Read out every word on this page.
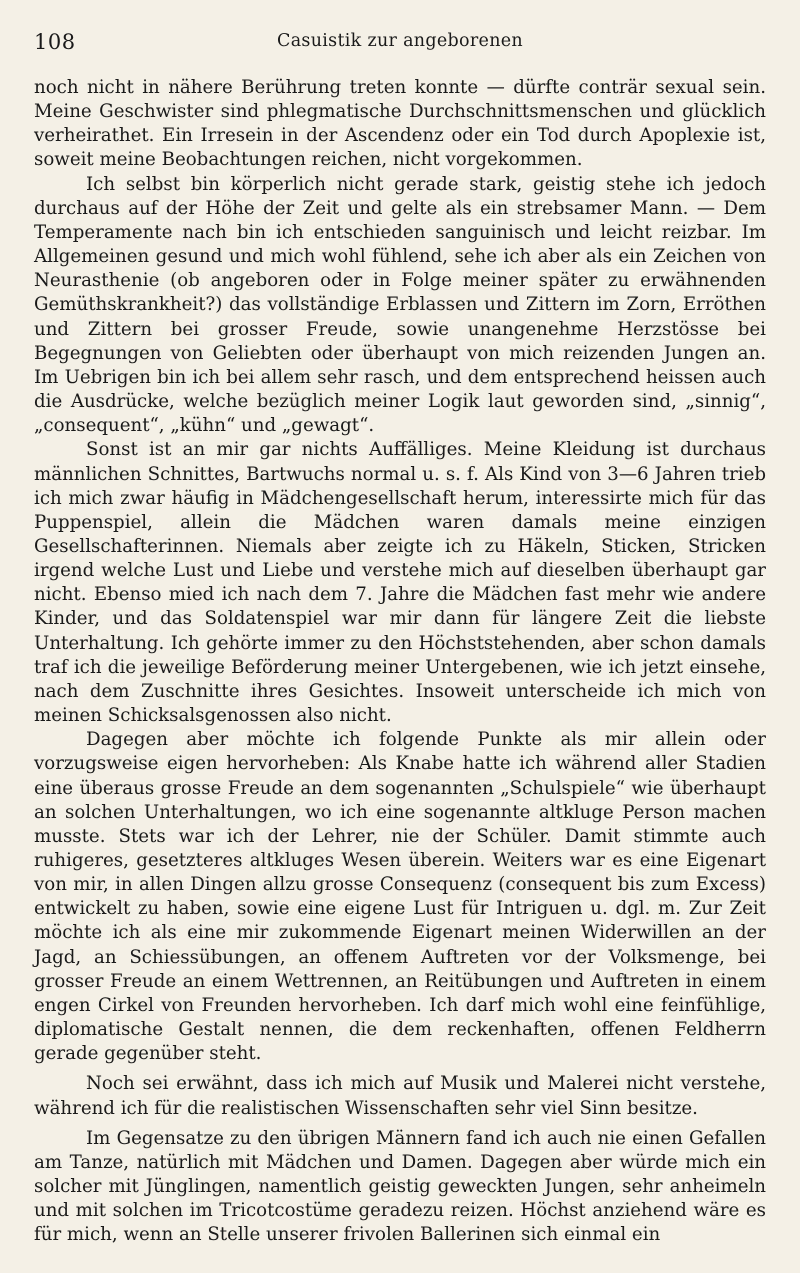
108	Casuistik zur angeborenen

noch nicht in nähere Berührung treten konnte — dürfte conträr sexual sein. Meine Geschwister sind phlegmatische Durchschnittsmenschen und glücklich verheirathet. Ein Irresein in der Ascendenz oder ein Tod durch Apoplexie ist, soweit meine Beobachtungen reichen, nicht vorgekommen.

Ich selbst bin körperlich nicht gerade stark, geistig stehe ich jedoch durchaus auf der Höhe der Zeit und gelte als ein strebsamer Mann. — Dem Temperamente nach bin ich entschieden sanguinisch und leicht reizbar. Im Allgemeinen gesund und mich wohl fühlend, sehe ich aber als ein Zeichen von Neurasthenie (ob angeboren oder in Folge meiner später zu erwähnenden Gemüthskrankheit?) das vollständige Erblassen und Zittern im Zorn, Erröthen und Zittern bei grosser Freude, sowie unangenehme Herzstösse bei Begegnungen von Geliebten oder überhaupt von mich reizenden Jungen an. Im Uebrigen bin ich bei allem sehr rasch, und dem entsprechend heissen auch die Ausdrücke, welche bezüglich meiner Logik laut geworden sind, „sinnig“, „consequent“, „kühn“ und „gewagt“.

Sonst ist an mir gar nichts Auffälliges. Meine Kleidung ist durchaus männlichen Schnittes, Bartwuchs normal u. s. f. Als Kind von 3—6 Jahren trieb ich mich zwar häufig in Mädchengesellschaft herum, interessirte mich für das Puppenspiel, allein die Mädchen waren damals meine einzigen Gesellschafterinnen. Niemals aber zeigte ich zu Häkeln, Sticken, Stricken irgend welche Lust und Liebe und verstehe mich auf dieselben überhaupt gar nicht. Ebenso mied ich nach dem 7. Jahre die Mädchen fast mehr wie andere Kinder, und das Soldatenspiel war mir dann für längere Zeit die liebste Unterhaltung. Ich gehörte immer zu den Höchststehenden, aber schon damals traf ich die jeweilige Beförderung meiner Untergebenen, wie ich jetzt einsehe, nach dem Zuschnitte ihres Gesichtes. Insoweit unterscheide ich mich von meinen Schicksalsgenossen also nicht.

Dagegen aber möchte ich folgende Punkte als mir allein oder vorzugsweise eigen hervorheben: Als Knabe hatte ich während aller Stadien eine überaus grosse Freude an dem sogenannten „Schulspiele“ wie überhaupt an solchen Unterhaltungen, wo ich eine sogenannte altkluge Person machen musste. Stets war ich der Lehrer, nie der Schüler. Damit stimmte auch ruhigeres, gesetzteres altkluges Wesen überein. Weiters war es eine Eigenart von mir, in allen Dingen allzu grosse Consequenz (consequent bis zum Excess) entwickelt zu haben, sowie eine eigene Lust für Intriguen u. dgl. m. Zur Zeit möchte ich als eine mir zukommende Eigenart meinen Widerwillen an der Jagd, an Schiessübungen, an offenem Auftreten vor der Volksmenge, bei grosser Freude an einem Wettrennen, an Reitübungen und Auftreten in einem engen Cirkel von Freunden hervorheben. Ich darf mich wohl eine feinfühlige, diplomatische Gestalt nennen, die dem reckenhaften, offenen Feldherrn gerade gegenüber steht.

Noch sei erwähnt, dass ich mich auf Musik und Malerei nicht verstehe, während ich für die realistischen Wissenschaften sehr viel Sinn besitze.

Im Gegensatze zu den übrigen Männern fand ich auch nie einen Gefallen am Tanze, natürlich mit Mädchen und Damen. Dagegen aber würde mich ein solcher mit Jünglingen, namentlich geistig geweckten Jungen, sehr anheimeln und mit solchen im Tricotcostüme geradezu reizen. Höchst anziehend wäre es für mich, wenn an Stelle unserer frivolen Ballerinen sich einmal ein
